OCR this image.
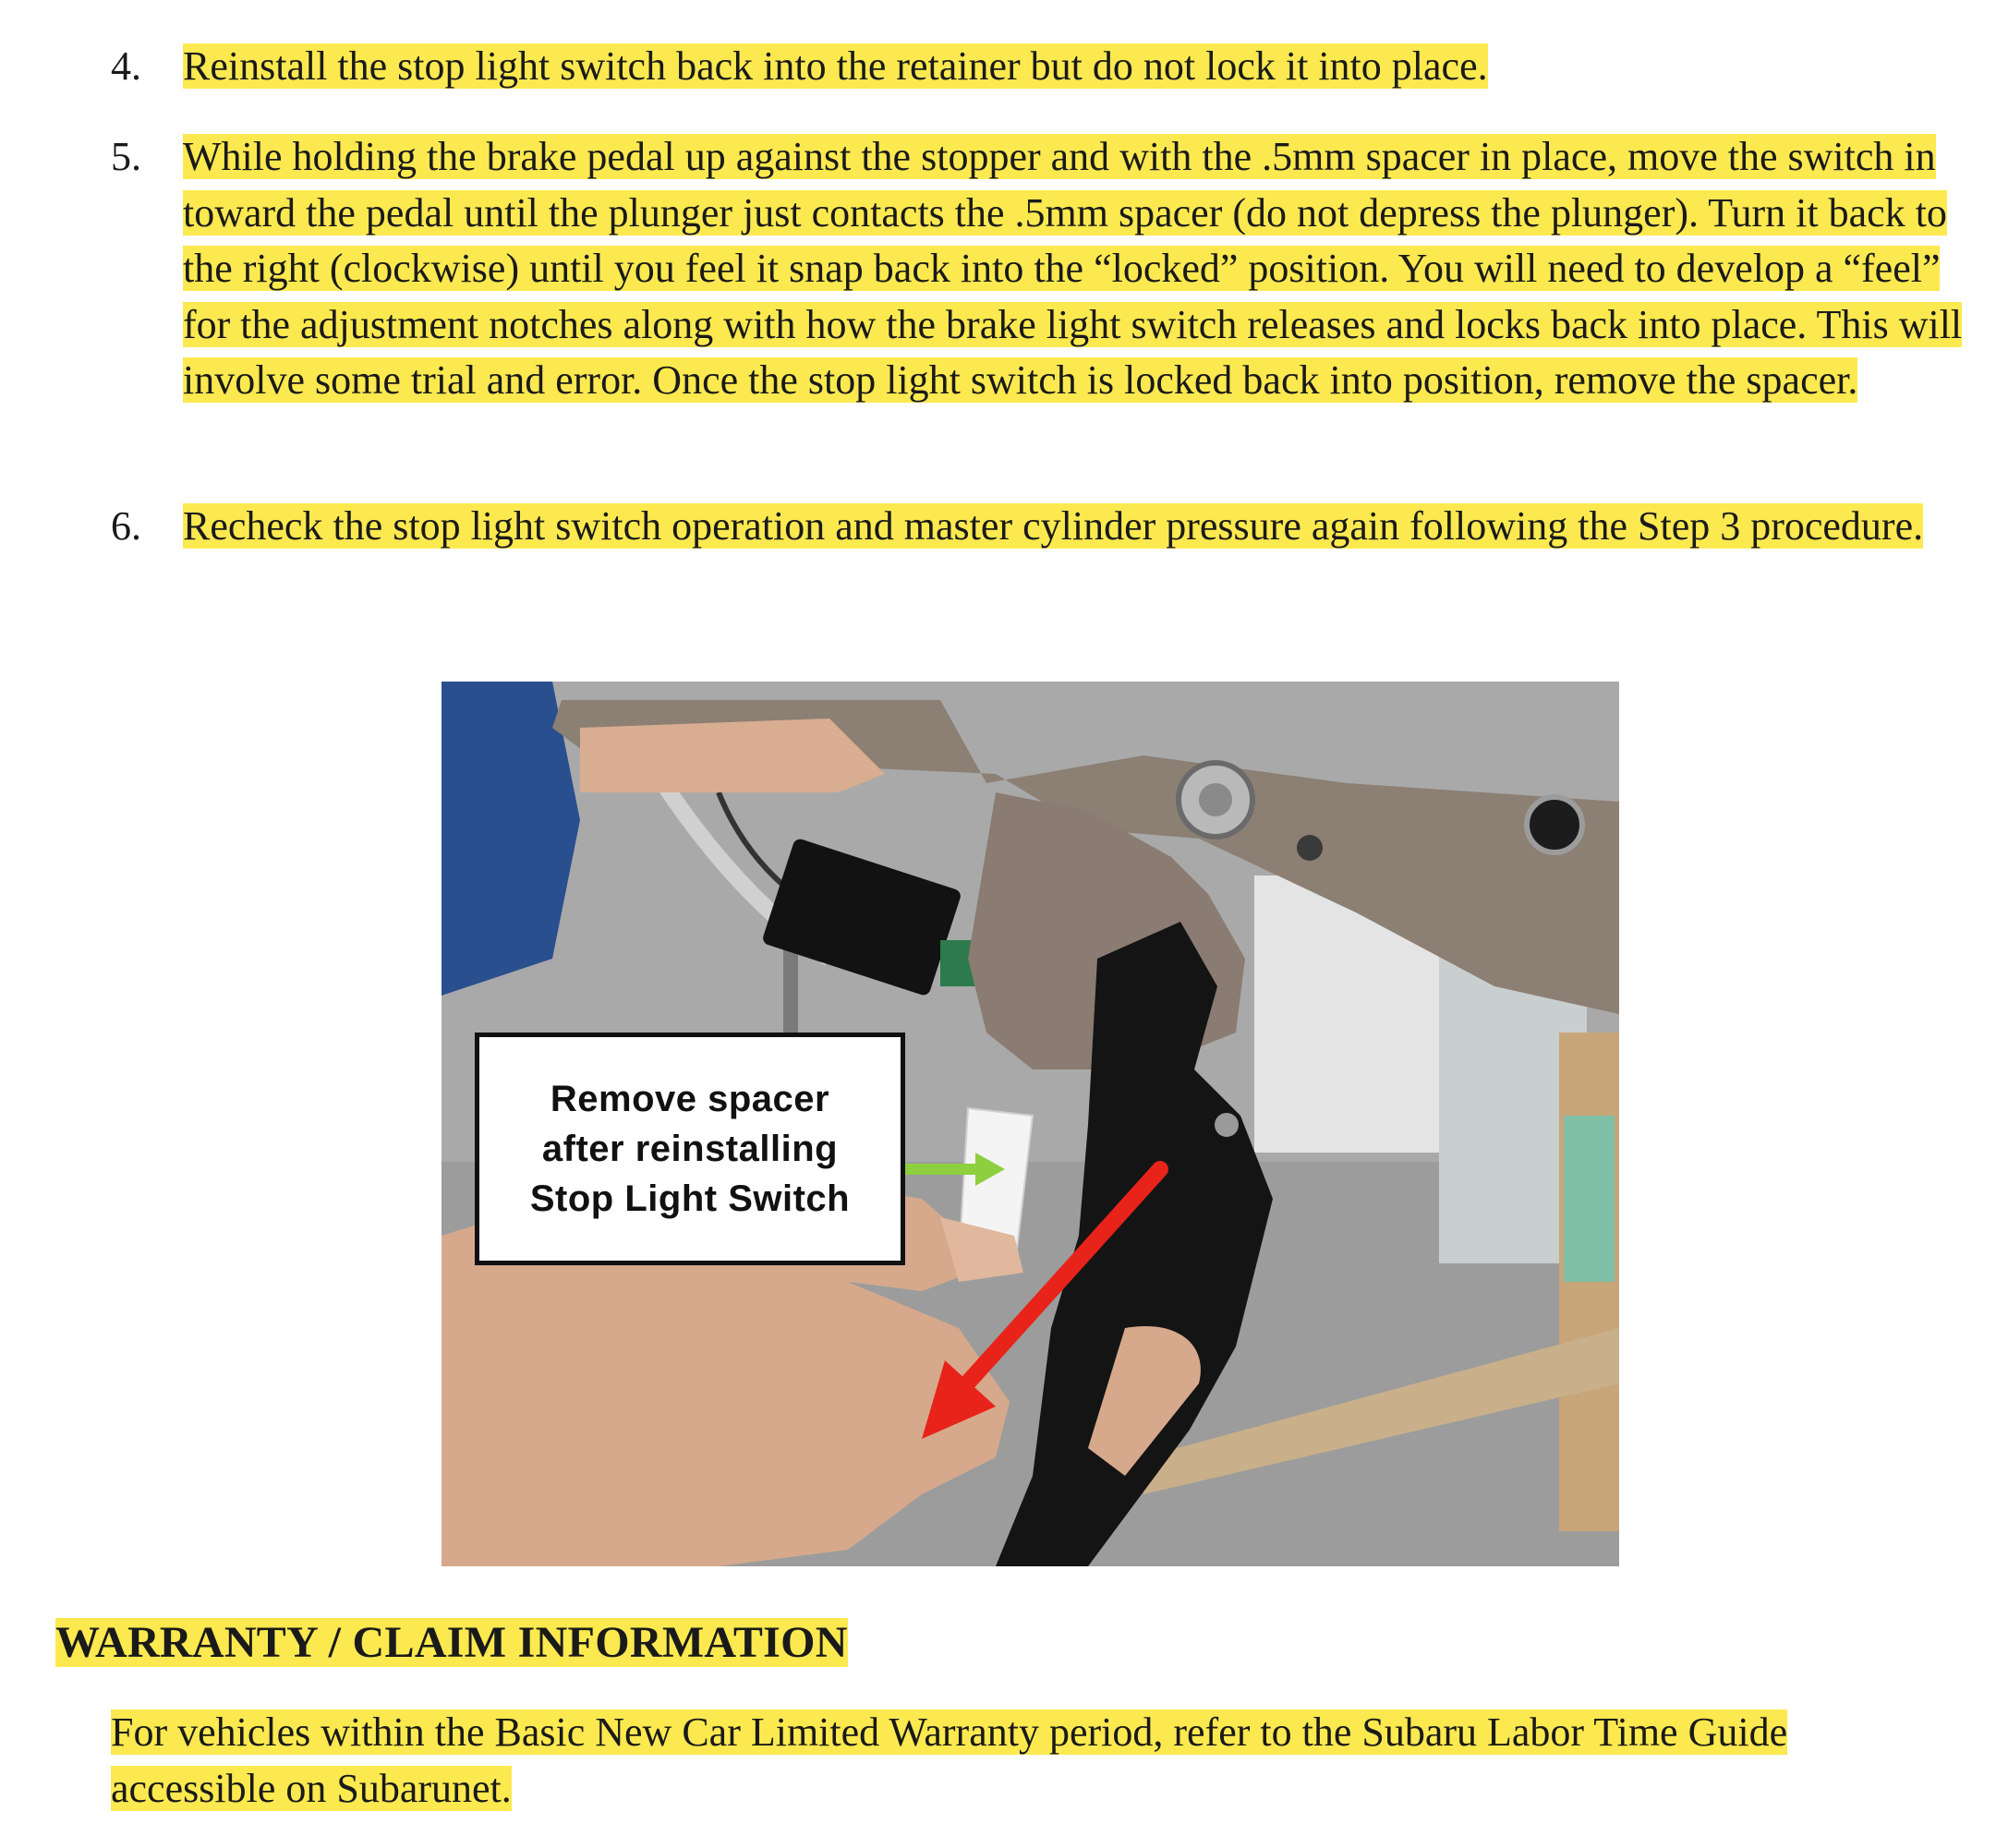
4.	Reinstall the stop light switch back into the retainer but do not lock it into place.
5.	While holding the brake pedal up against the stopper and with the .5mm spacer in place, move the switch in toward the pedal until the plunger just contacts the .5mm spacer (do not depress the plunger). Turn it back to the right (clockwise) until you feel it snap back into the “locked” position. You will need to develop a “feel” for the adjustment notches along with how the brake light switch releases and locks back into place. This will involve some trial and error. Once the stop light switch is locked back into position, remove the spacer.
6.	Recheck the stop light switch operation and master cylinder pressure again following the Step 3 procedure.
Remove spacer
after reinstalling
Stop Light Switch
WARRANTY / CLAIM INFORMATION
For vehicles within the Basic New Car Limited Warranty period, refer to the Subaru Labor Time Guide accessible on Subarunet.
